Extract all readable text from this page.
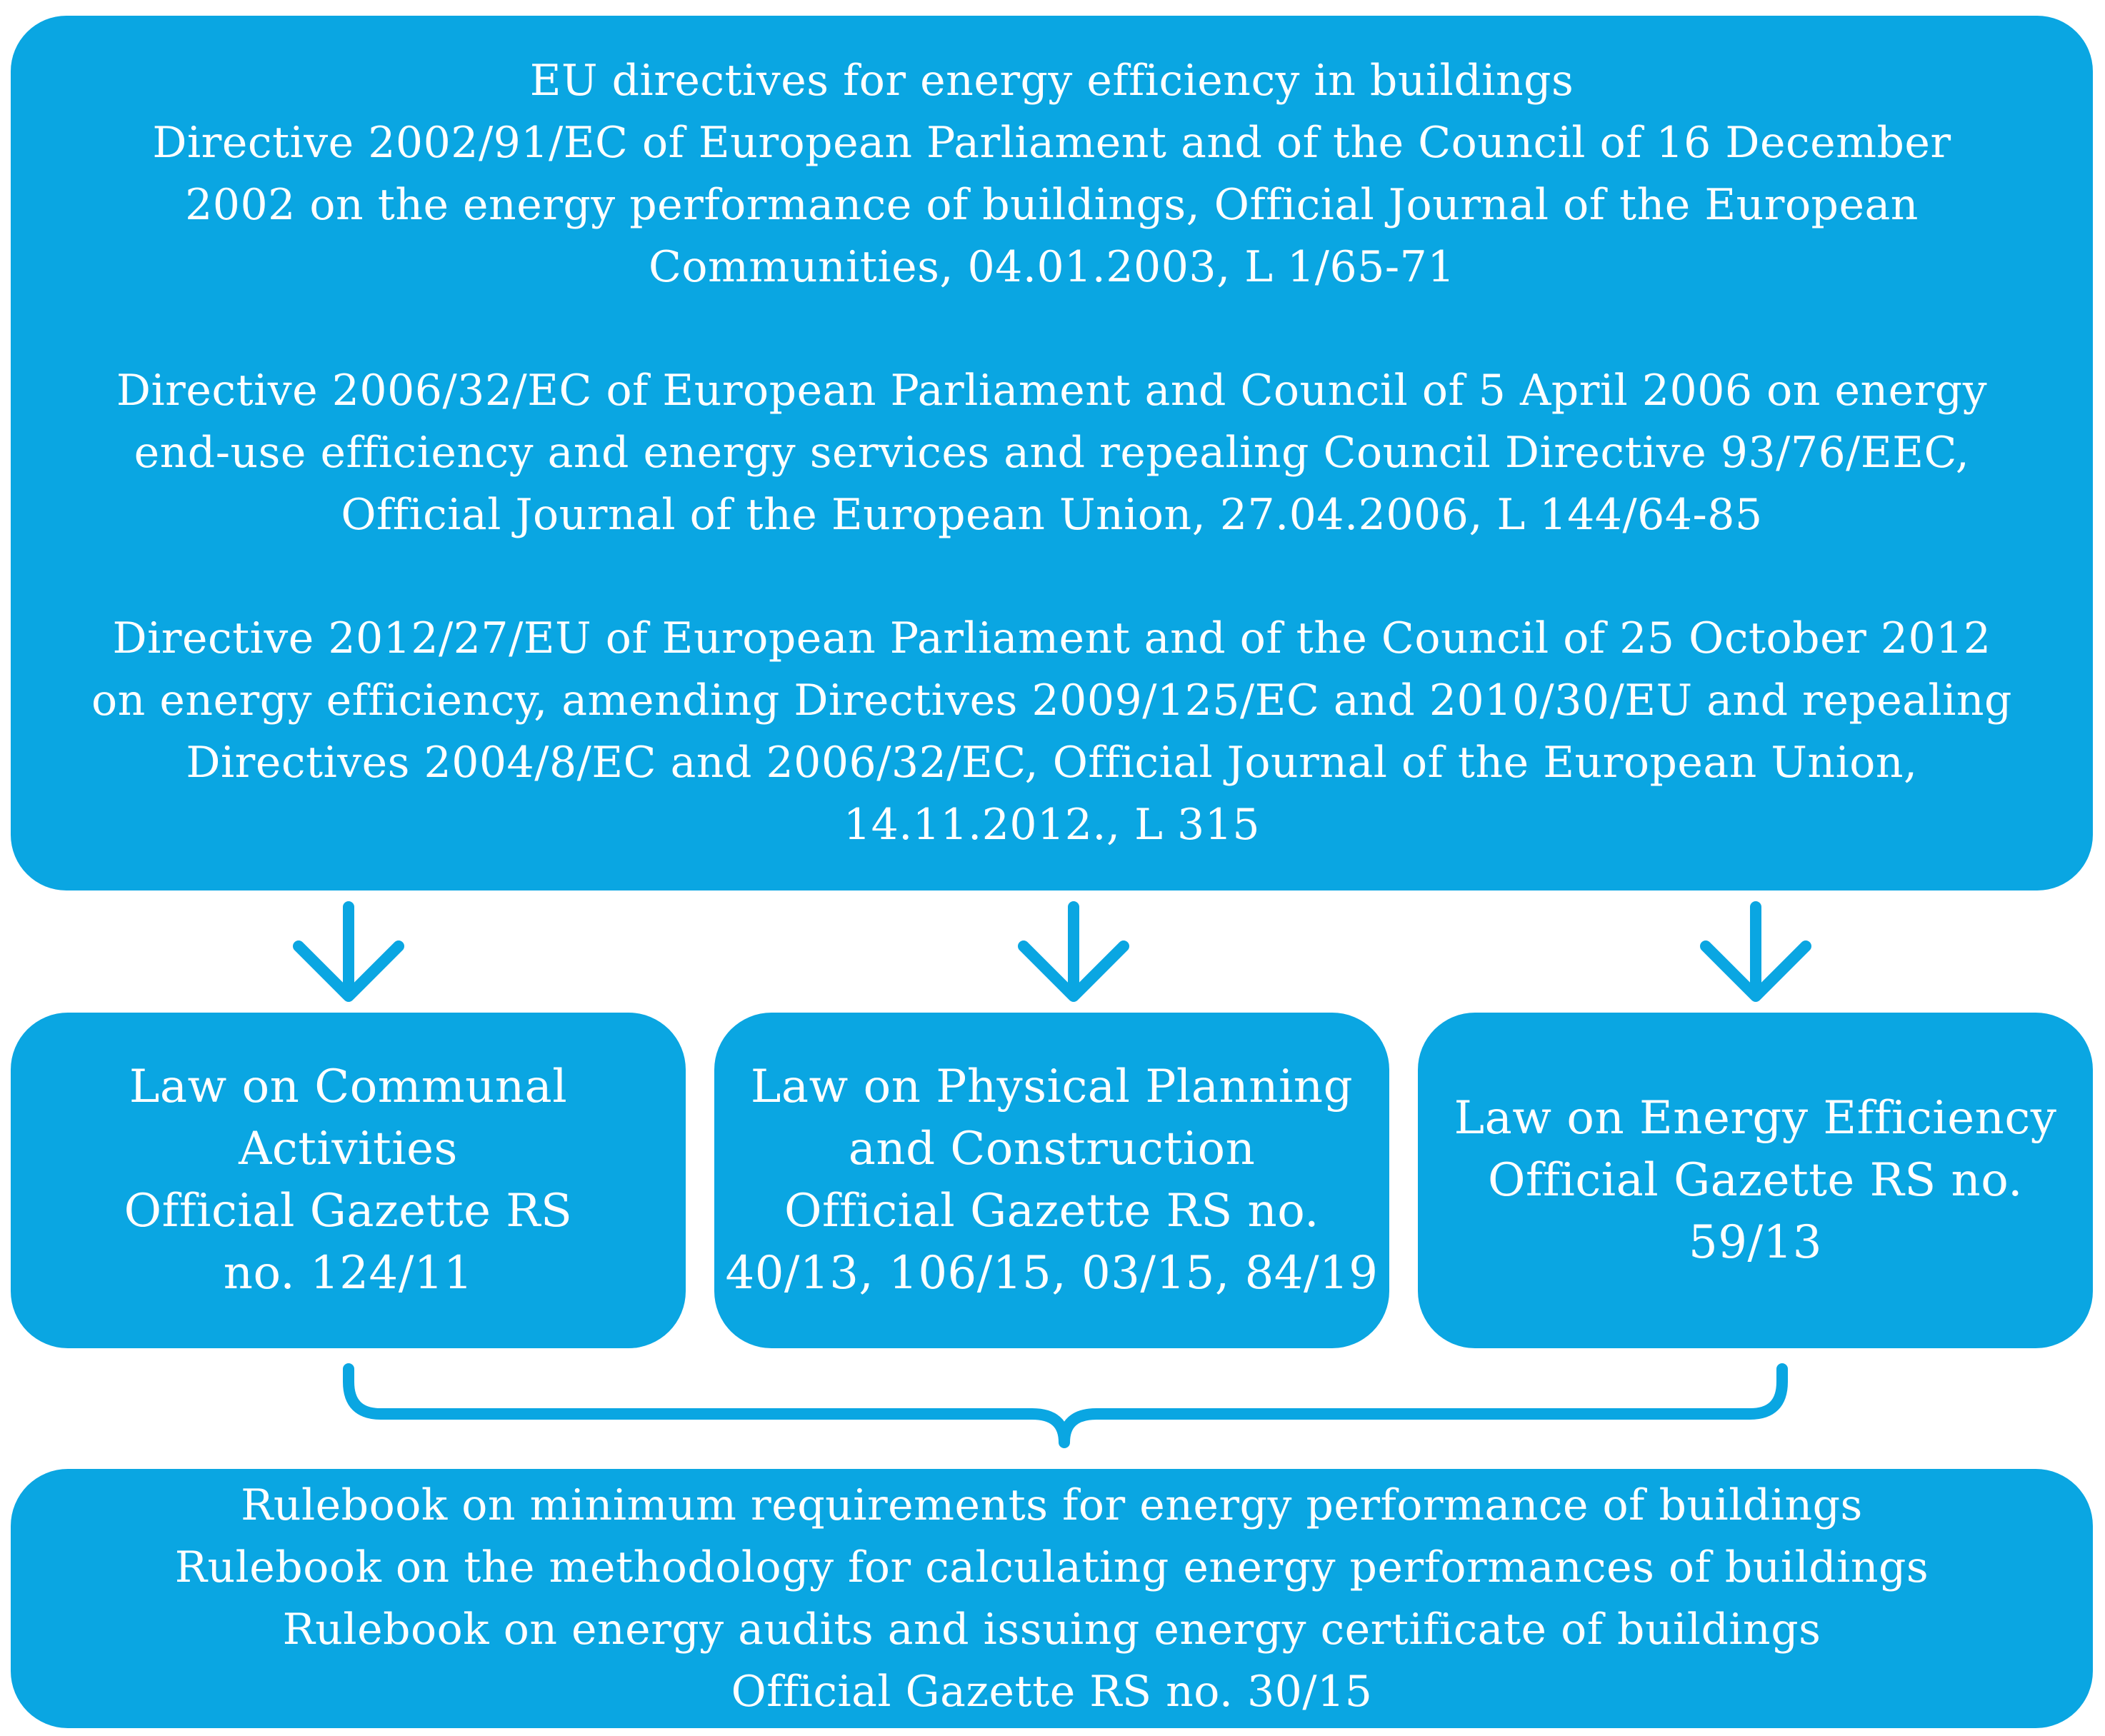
EU directives for energy efficiency in buildings
Directive 2002/91/EC of European Parliament and of the Council of 16 December
2002 on the energy performance of buildings, Official Journal of the European
Communities, 04.01.2003, L 1/65-71
Directive 2006/32/EC of European Parliament and Council of 5 April 2006 on energy
end-use efficiency and energy services and repealing Council Directive 93/76/EEC,
Official Journal of the European Union, 27.04.2006, L 144/64-85
Directive 2012/27/EU of European Parliament and of the Council of 25 October 2012
on energy efficiency, amending Directives 2009/125/EC and 2010/30/EU and repealing
Directives 2004/8/EC and 2006/32/EC, Official Journal of the European Union,
14.11.2012., L 315
Law on Communal
Activities
Official Gazette RS
no. 124/11
Law on Physical Planning
and Construction
Official Gazette RS no.
40/13, 106/15, 03/15, 84/19
Law on Energy Efficiency
Official Gazette RS no.
59/13
Rulebook on minimum requirements for energy performance of buildings
Rulebook on the methodology for calculating energy performances of buildings
Rulebook on energy audits and issuing energy certificate of buildings
Official Gazette RS no. 30/15
